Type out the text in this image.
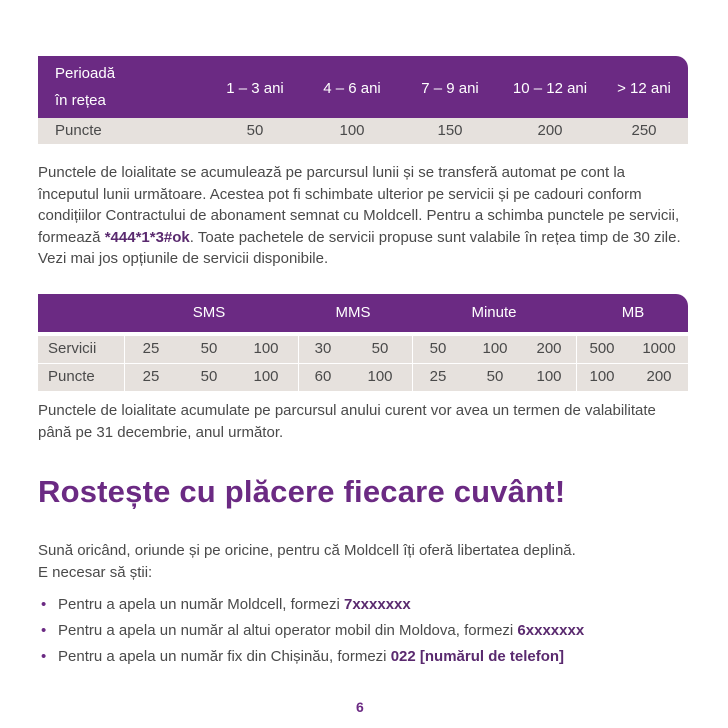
Perioadă
în rețea
1 – 3 ani	4 – 6 ani	7 – 9 ani	10 – 12 ani	> 12 ani
Puncte	50	100	150	200	250
Punctele de loialitate se acumulează pe parcursul lunii și se transferă automat pe cont la începutul lunii următoare. Acestea pot fi schimbate ulterior pe servicii și pe cadouri conform condițiilor Contractului de abonament semnat cu Moldcell. Pentru a schimba punctele pe servicii, formează *444*1*3#ok. Toate pachetele de servicii propuse sunt valabile în rețea timp de 30 zile. Vezi mai jos opțiunile de servicii disponibile.
SMS	MMS	Minute	MB
Servicii	25	50	100	30	50	50	100	200	500	1000
Puncte	25	50	100	60	100	25	50	100	100	200
Punctele de loialitate acumulate pe parcursul anului curent vor avea un termen de valabilitate până pe 31 decembrie, anul următor.
Rostește cu plăcere fiecare cuvânt!
Sună oricând, oriunde și pe oricine, pentru că Moldcell îți oferă libertatea deplină.
E necesar să știi:
• Pentru a apela un număr Moldcell, formezi 7xxxxxxx
• Pentru a apela un număr al altui operator mobil din Moldova, formezi 6xxxxxxx
• Pentru a apela un număr fix din Chișinău, formezi 022 [numărul de telefon]
6
